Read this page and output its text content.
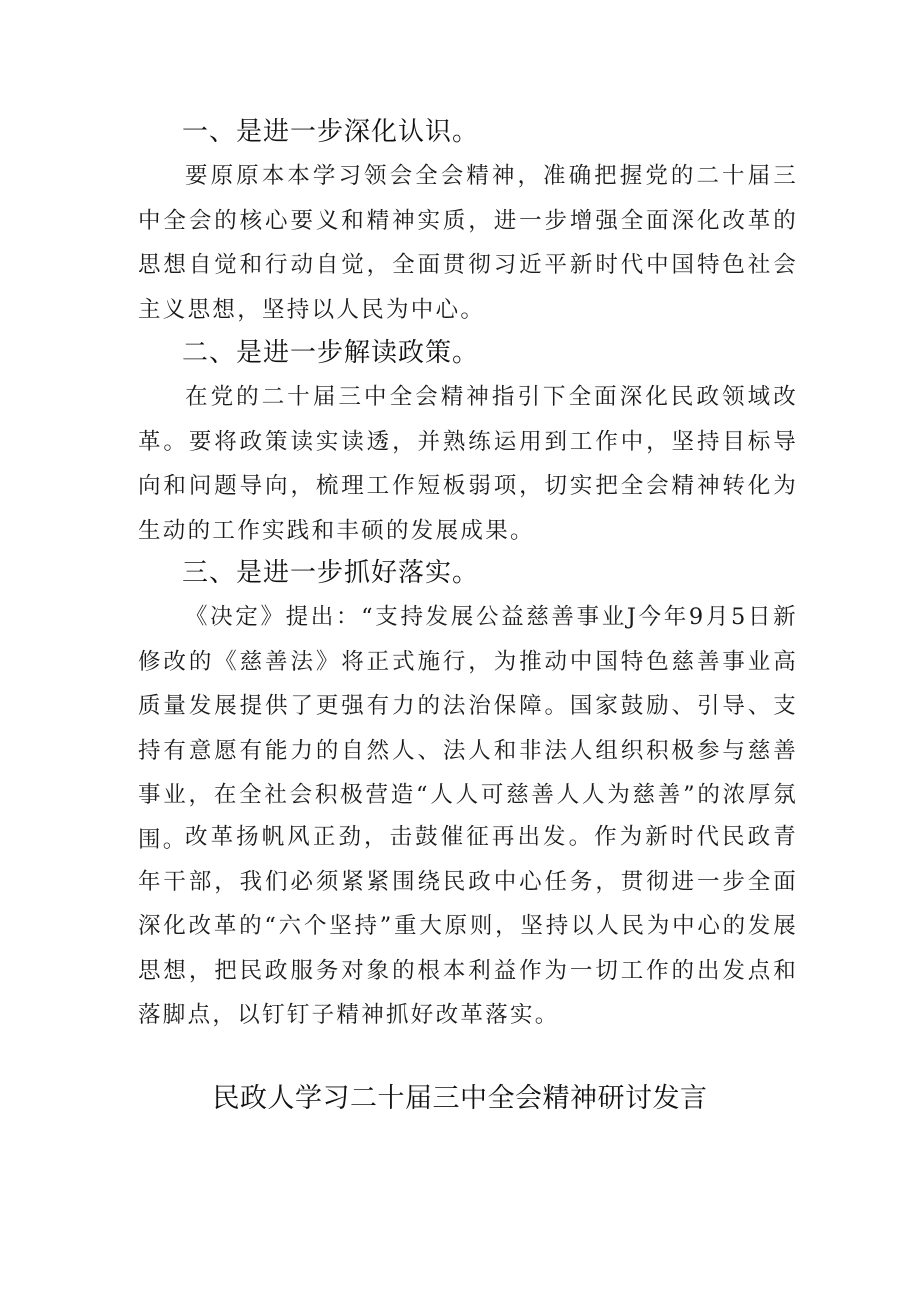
一、是进一步深化认识。

要原原本本学习领会全会精神，准确把握党的二十届三中全会的核心要义和精神实质，进一步增强全面深化改革的思想自觉和行动自觉，全面贯彻习近平新时代中国特色社会主义思想，坚持以人民为中心。

二、是进一步解读政策。

在党的二十届三中全会精神指引下全面深化民政领域改革。要将政策读实读透，并熟练运用到工作中，坚持目标导向和问题导向，梳理工作短板弱项，切实把全会精神转化为生动的工作实践和丰硕的发展成果。

三、是进一步抓好落实。

《决定》提出：“支持发展公益慈善事业J今年9月5日新修改的《慈善法》将正式施行，为推动中国特色慈善事业高质量发展提供了更强有力的法治保障。国家鼓励、引导、支持有意愿有能力的自然人、法人和非法人组织积极参与慈善事业，在全社会积极营造“人人可慈善人人为慈善”的浓厚氛围。

改革扬帆风正劲，击鼓催征再出发。作为新时代民政青年干部，我们必须紧紧围绕民政中心任务，贯彻进一步全面深化改革的“六个坚持”重大原则，坚持以人民为中心的发展思想，把民政服务对象的根本利益作为一切工作的出发点和落脚点，以钉钉子精神抓好改革落实。

民政人学习二十届三中全会精神研讨发言
